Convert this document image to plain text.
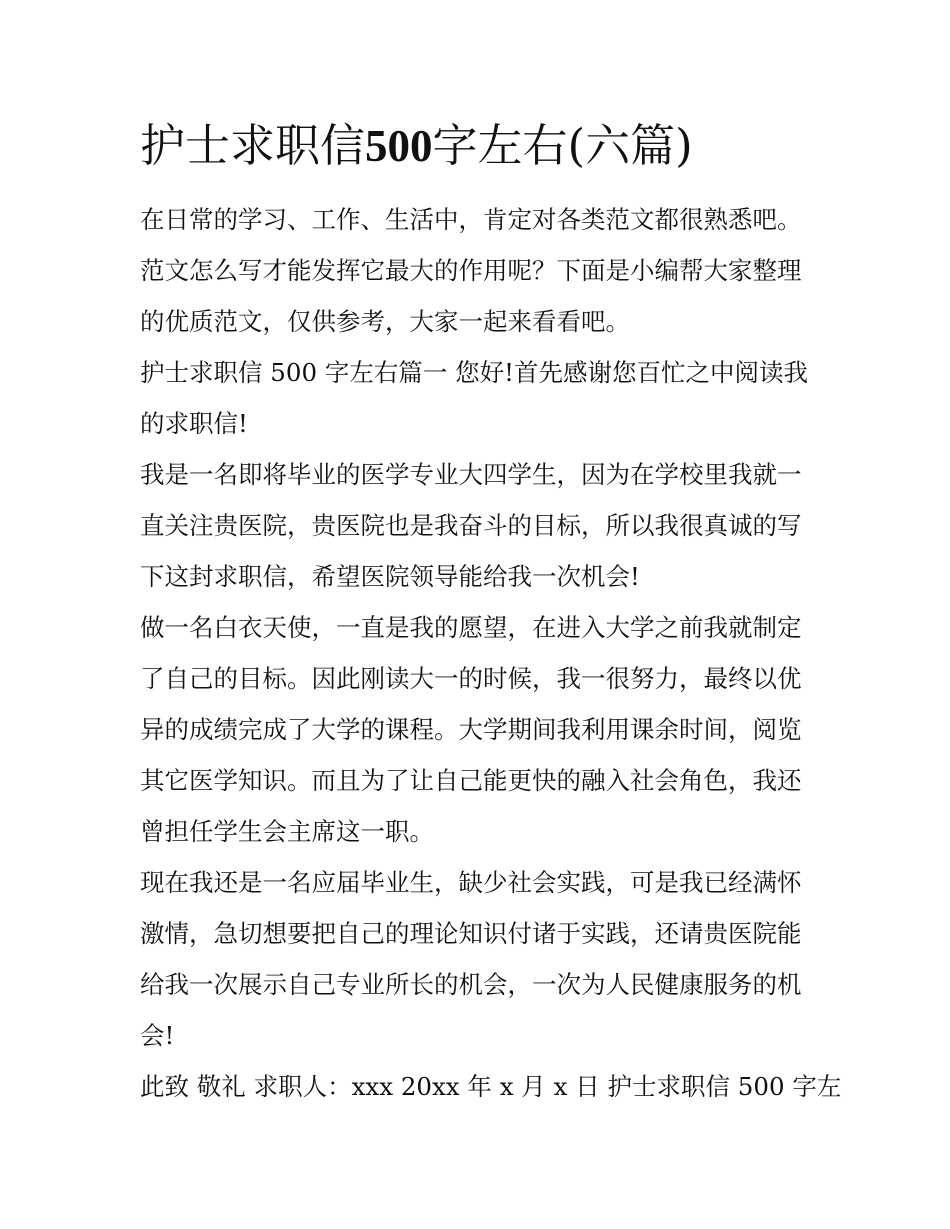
护士求职信500字左右(六篇)

在日常的学习、工作、生活中，肯定对各类范文都很熟悉吧。

范文怎么写才能发挥它最大的作用呢？下面是小编帮大家整理

的优质范文，仅供参考，大家一起来看看吧。

护士求职信 500 字左右篇一 您好!首先感谢您百忙之中阅读我

的求职信!

我是一名即将毕业的医学专业大四学生，因为在学校里我就一

直关注贵医院，贵医院也是我奋斗的目标，所以我很真诚的写

下这封求职信，希望医院领导能给我一次机会!

做一名白衣天使，一直是我的愿望，在进入大学之前我就制定

了自己的目标。因此刚读大一的时候，我一很努力，最终以优

异的成绩完成了大学的课程。大学期间我利用课余时间，阅览

其它医学知识。而且为了让自己能更快的融入社会角色，我还

曾担任学生会主席这一职。

现在我还是一名应届毕业生，缺少社会实践，可是我已经满怀

激情，急切想要把自己的理论知识付诸于实践，还请贵医院能

给我一次展示自己专业所长的机会，一次为人民健康服务的机

会!

此致 敬礼 求职人：xxx 20xx 年 x 月 x 日 护士求职信 500 字左
